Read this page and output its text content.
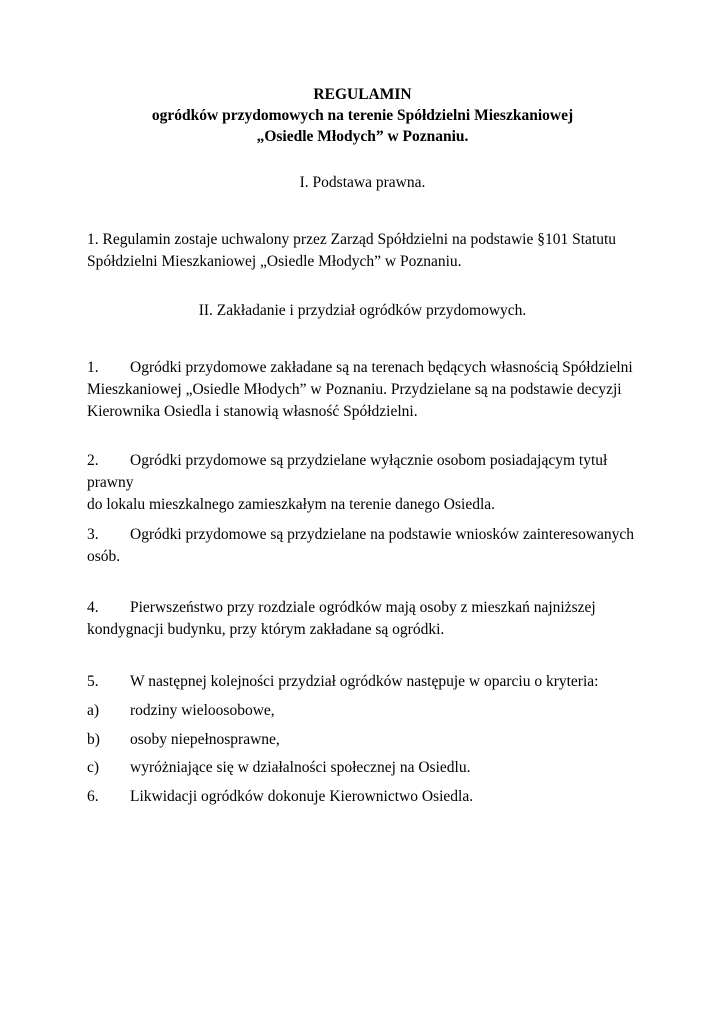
REGULAMIN
ogródków przydomowych na terenie Spółdzielni Mieszkaniowej
„Osiedle Młodych” w Poznaniu.
I. Podstawa prawna.
1. Regulamin zostaje uchwalony przez Zarząd Spółdzielni na podstawie §101 Statutu Spółdzielni Mieszkaniowej „Osiedle Młodych” w Poznaniu.
II. Zakładanie i przydział ogródków przydomowych.
1. Ogródki przydomowe zakładane są na terenach będących własnością Spółdzielni
Mieszkaniowej „Osiedle Młodych” w Poznaniu. Przydzielane są na podstawie decyzji Kierownika Osiedla i stanowią własność Spółdzielni.
2. Ogródki przydomowe są przydzielane wyłącznie osobom posiadającym tytuł prawny
do lokalu mieszkalnego zamieszkałym na terenie danego Osiedla.
3. Ogródki przydomowe są przydzielane na podstawie wniosków zainteresowanych
osób.
4. Pierwszeństwo przy rozdziale ogródków mają osoby z mieszkań najniższej
kondygnacji budynku, przy którym zakładane są ogródki.
5. W następnej kolejności przydział ogródków następuje w oparciu o kryteria:
a) rodziny wieloosobowe,
b) osoby niepełnosprawne,
c) wyróżniające się w działalności społecznej na Osiedlu.
6. Likwidacji ogródków dokonuje Kierownictwo Osiedla.
